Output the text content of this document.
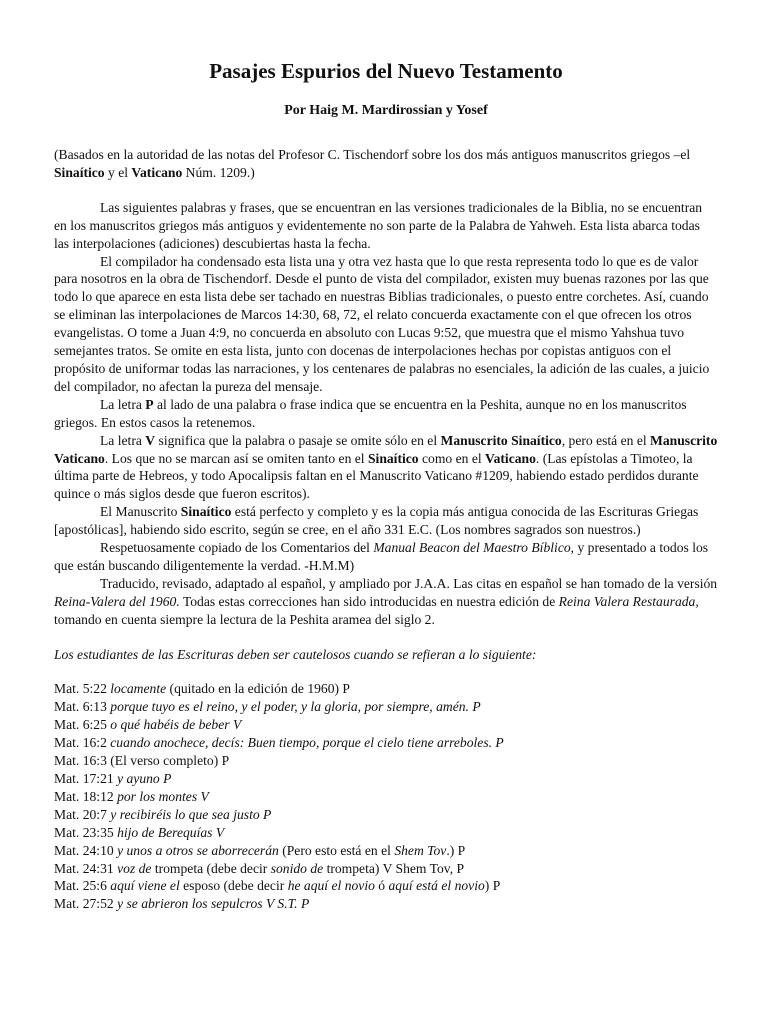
Pasajes Espurios del Nuevo Testamento

Por Haig M. Mardirossian y Yosef

(Basados en la autoridad de las notas del Profesor C. Tischendorf sobre los dos más antiguos manuscritos griegos –el Sinaítico y el Vaticano Núm. 1209.)

Las siguientes palabras y frases, que se encuentran en las versiones tradicionales de la Biblia, no se encuentran en los manuscritos griegos más antiguos y evidentemente no son parte de la Palabra de Yahweh. Esta lista abarca todas las interpolaciones (adiciones) descubiertas hasta la fecha.

El compilador ha condensado esta lista una y otra vez hasta que lo que resta representa todo lo que es de valor para nosotros en la obra de Tischendorf. Desde el punto de vista del compilador, existen muy buenas razones por las que todo lo que aparece en esta lista debe ser tachado en nuestras Biblias tradicionales, o puesto entre corchetes. Así, cuando se eliminan las interpolaciones de Marcos 14:30, 68, 72, el relato concuerda exactamente con el que ofrecen los otros evangelistas. O tome a Juan 4:9, no concuerda en absoluto con Lucas 9:52, que muestra que el mismo Yahshua tuvo semejantes tratos. Se omite en esta lista, junto con docenas de interpolaciones hechas por copistas antiguos con el propósito de uniformar todas las narraciones, y los centenares de palabras no esenciales, la adición de las cuales, a juicio del compilador, no afectan la pureza del mensaje.

La letra P al lado de una palabra o frase indica que se encuentra en la Peshita, aunque no en los manuscritos griegos. En estos casos la retenemos.

La letra V significa que la palabra o pasaje se omite sólo en el Manuscrito Sinaítico, pero está en el Manuscrito Vaticano. Los que no se marcan así se omiten tanto en el Sinaítico como en el Vaticano. (Las epístolas a Timoteo, la última parte de Hebreos, y todo Apocalipsis faltan en el Manuscrito Vaticano #1209, habiendo estado perdidos durante quince o más siglos desde que fueron escritos).

El Manuscrito Sinaítico está perfecto y completo y es la copia más antigua conocida de las Escrituras Griegas [apostólicas], habiendo sido escrito, según se cree, en el año 331 E.C. (Los nombres sagrados son nuestros.)

Respetuosamente copiado de los Comentarios del Manual Beacon del Maestro Bíblico, y presentado a todos los que están buscando diligentemente la verdad. -H.M.M)

Traducido, revisado, adaptado al español, y ampliado por J.A.A. Las citas en español se han tomado de la versión Reina-Valera del 1960. Todas estas correcciones han sido introducidas en nuestra edición de Reina Valera Restaurada, tomando en cuenta siempre la lectura de la Peshita aramea del siglo 2.

Los estudiantes de las Escrituras deben ser cautelosos cuando se refieran a lo siguiente:

Mat. 5:22 locamente (quitado en la edición de 1960) P

Mat. 6:13 porque tuyo es el reino, y el poder, y la gloria, por siempre, amén. P

Mat. 6:25 o qué habéis de beber V

Mat. 16:2 cuando anochece, decís: Buen tiempo, porque el cielo tiene arreboles. P

Mat. 16:3 (El verso completo) P

Mat. 17:21 y ayuno P

Mat. 18:12 por los montes V

Mat. 20:7 y recibiréis lo que sea justo P

Mat. 23:35 hijo de Berequías V

Mat. 24:10 y unos a otros se aborrecerán (Pero esto está en el Shem Tov.) P

Mat. 24:31 voz de trompeta (debe decir sonido de trompeta) V Shem Tov, P

Mat. 25:6 aquí viene el esposo (debe decir he aquí el novio ó aquí está el novio) P

Mat. 27:52 y se abrieron los sepulcros V S.T. P
